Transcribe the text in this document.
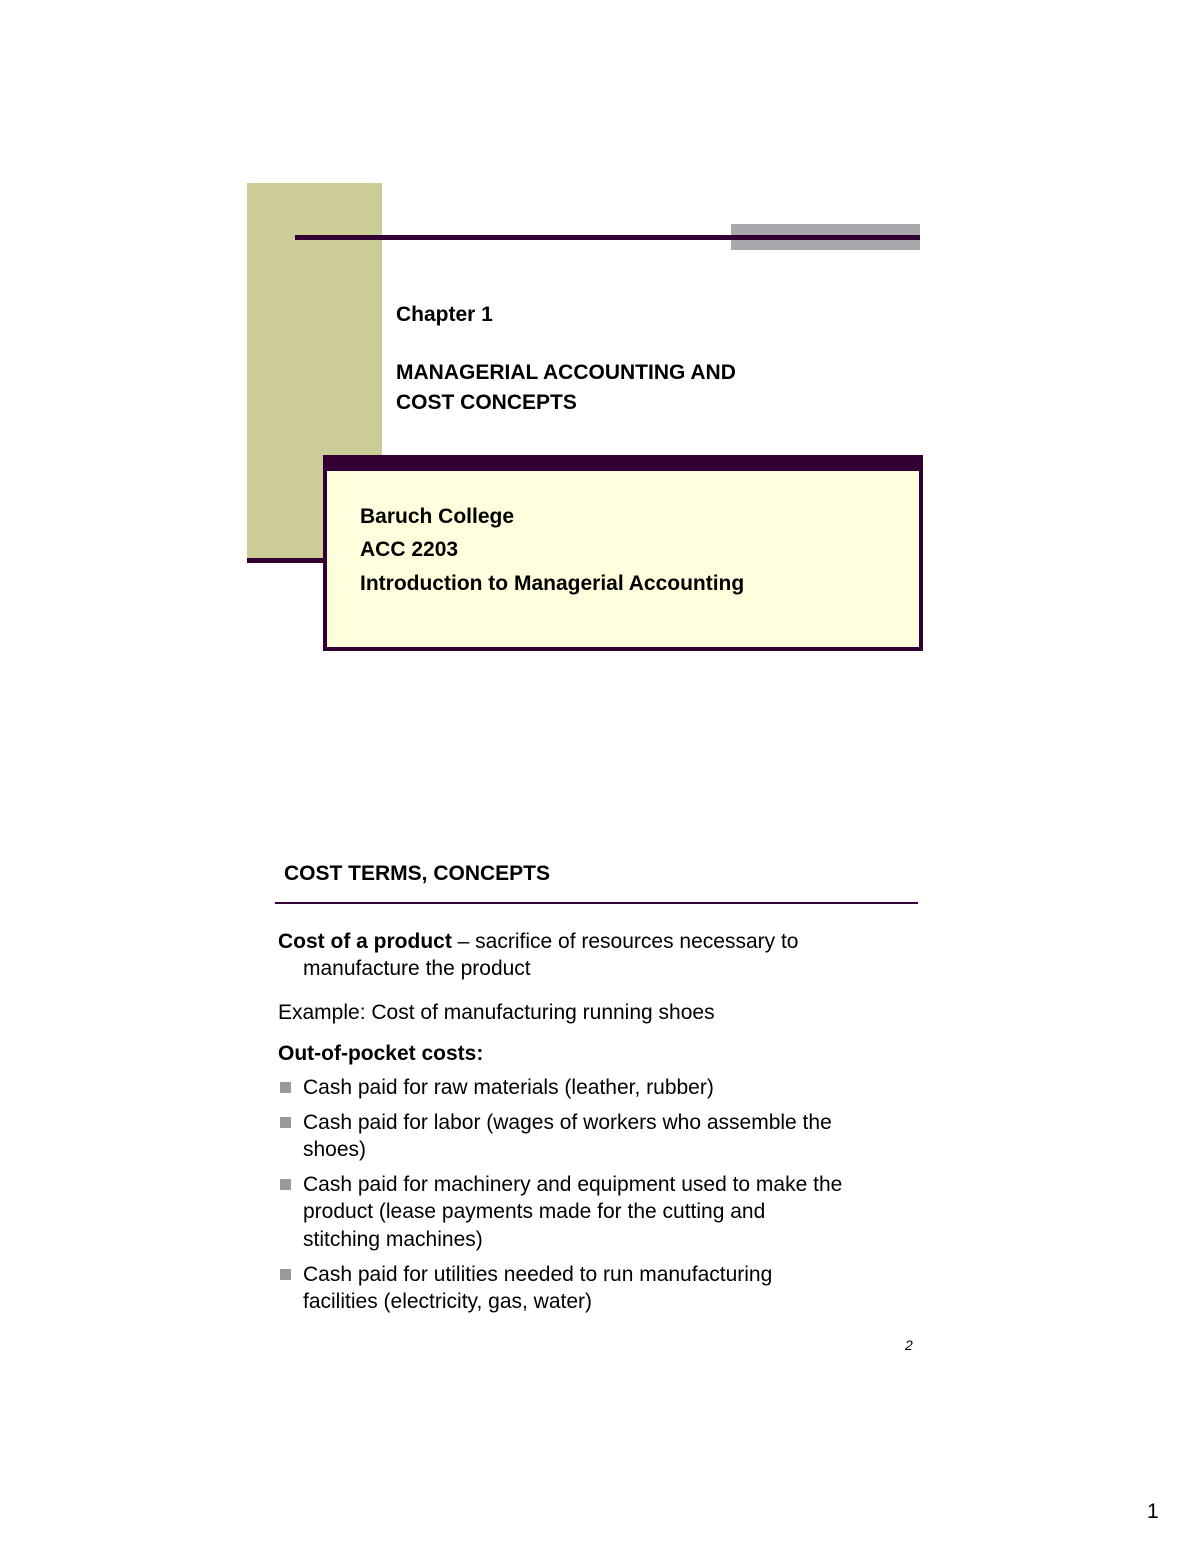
Chapter 1
MANAGERIAL ACCOUNTING AND
COST CONCEPTS
Baruch College
ACC 2203
Introduction to Managerial Accounting
COST TERMS, CONCEPTS
Cost of a product – sacrifice of resources necessary to
manufacture the product
Example: Cost of manufacturing running shoes
Out-of-pocket costs:
Cash paid for raw materials (leather, rubber)
Cash paid for labor (wages of workers who assemble the
shoes)
Cash paid for machinery and equipment used to make the
product (lease payments made for the cutting and
stitching machines)
Cash paid for utilities needed to run manufacturing
facilities (electricity, gas, water)
2
1
